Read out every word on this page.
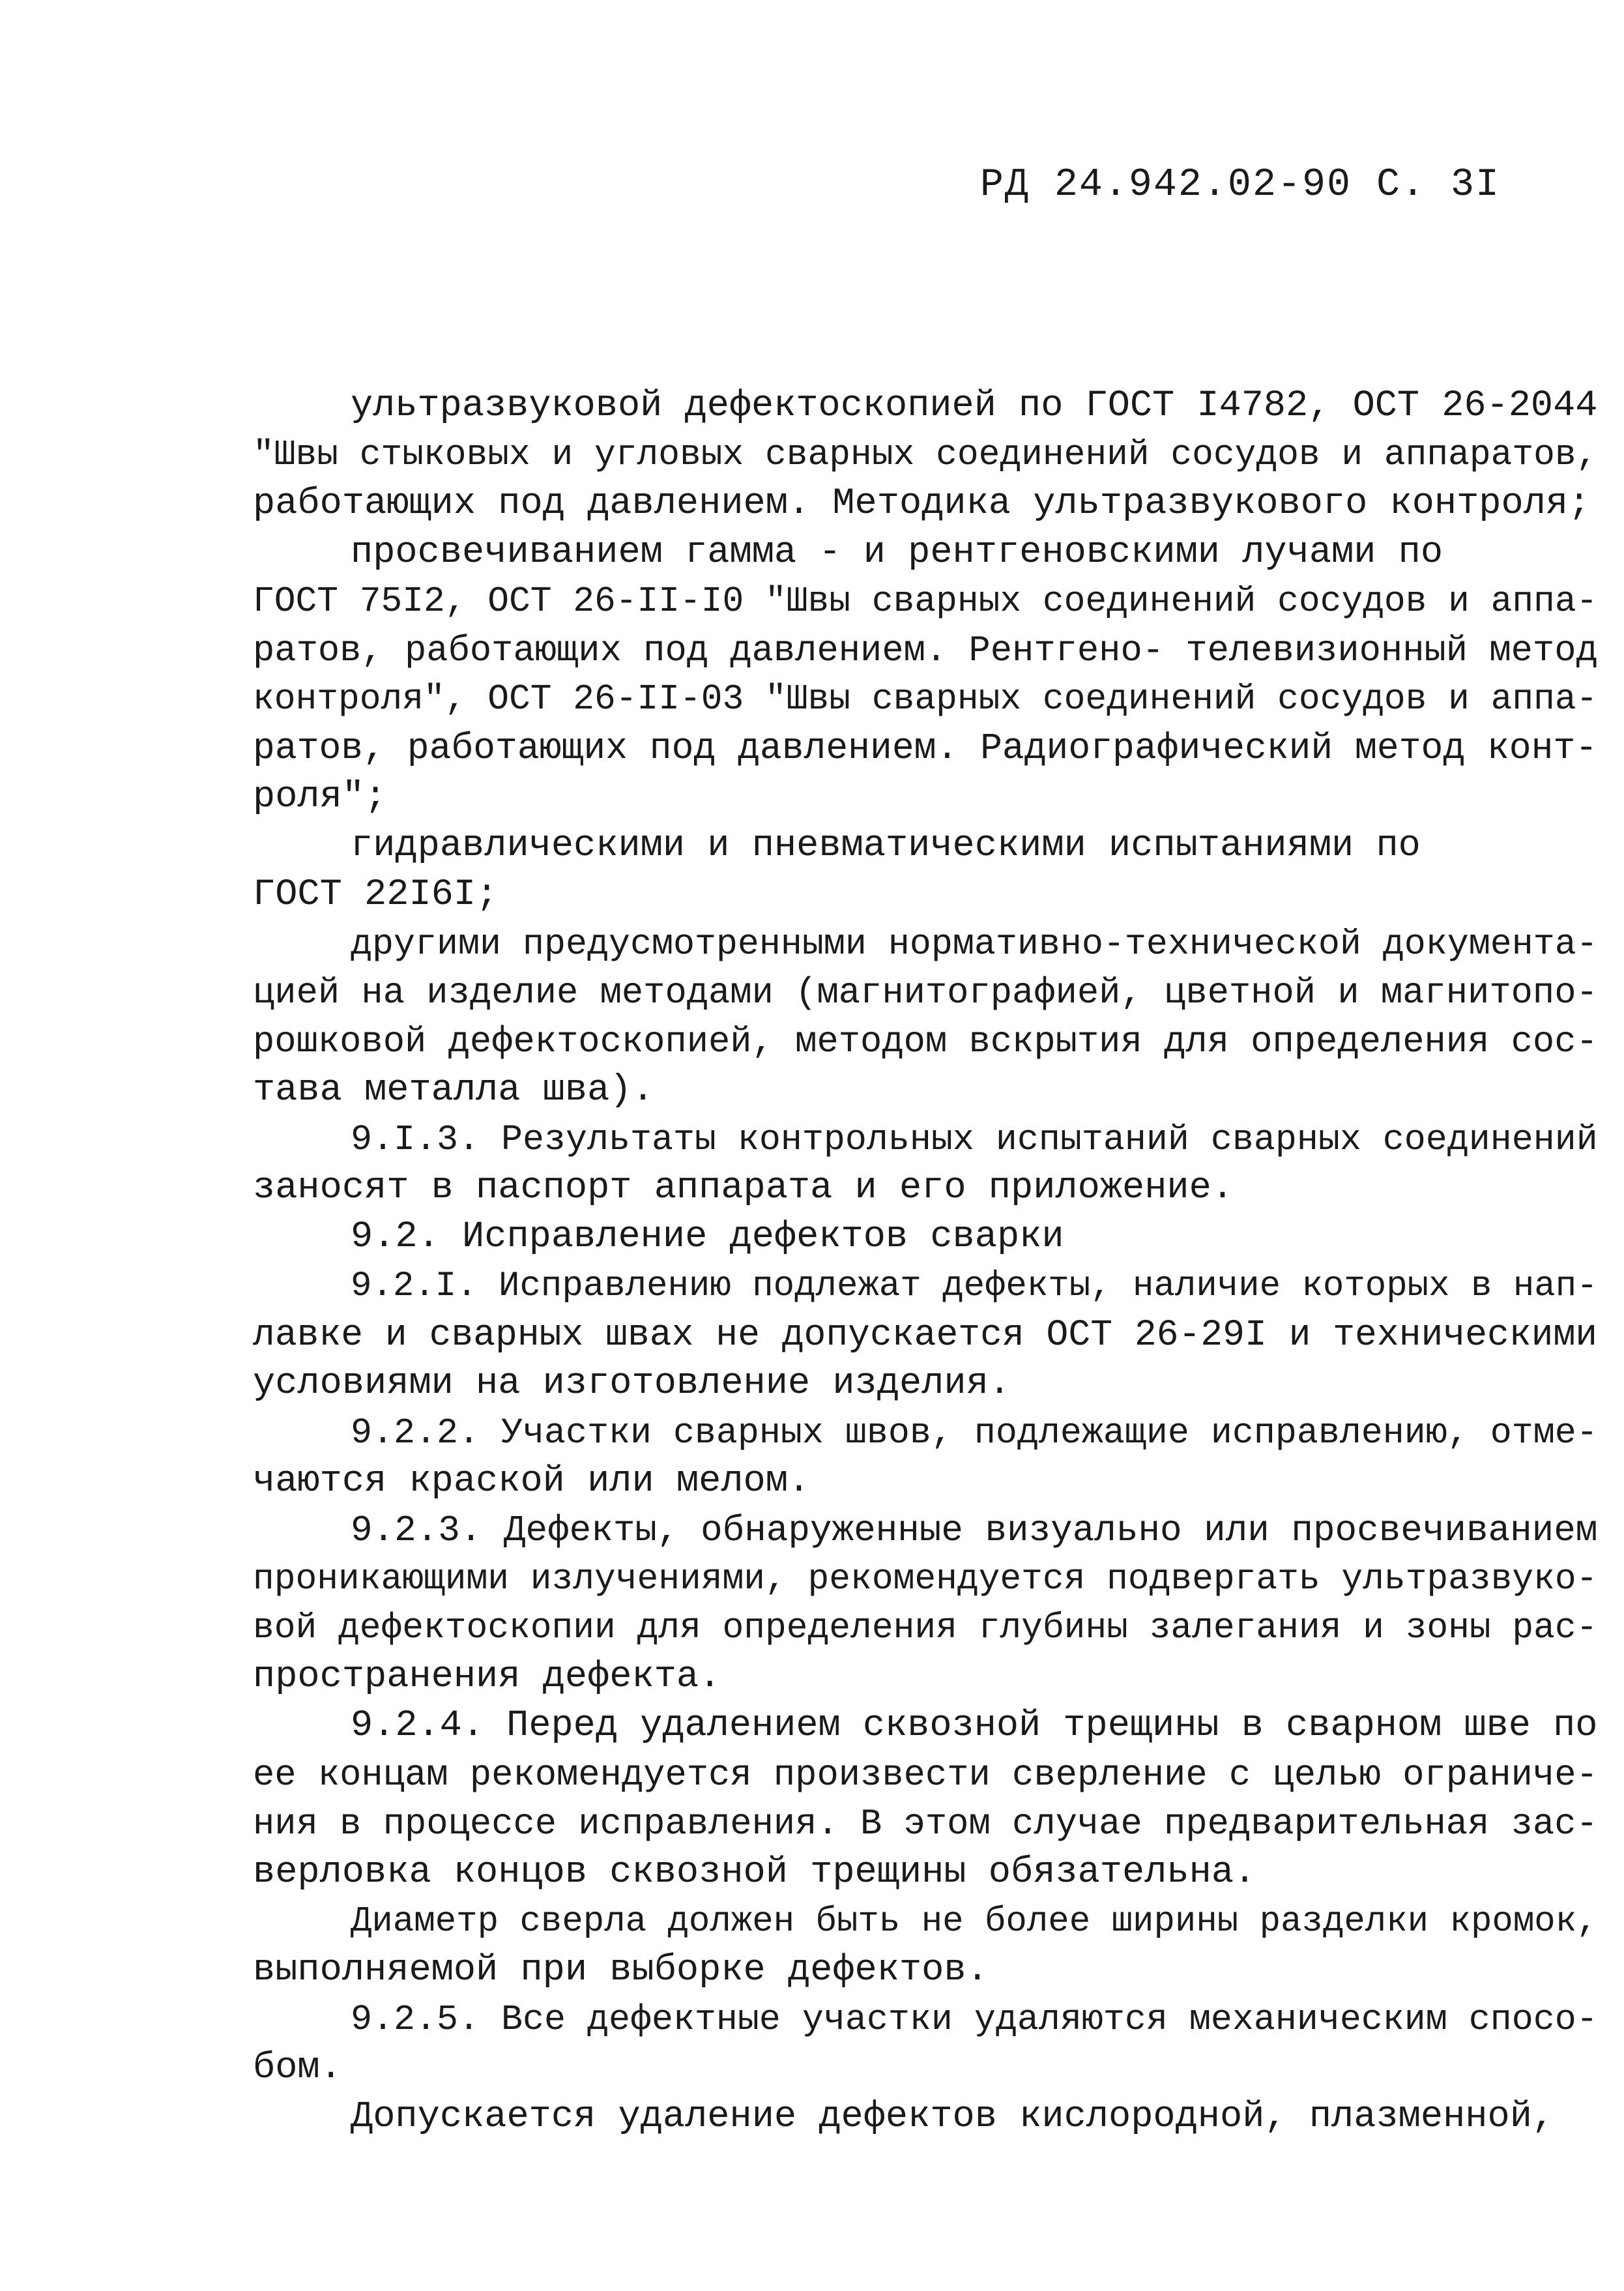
РД 24.942.02-90 С. 3I
ультразвуковой дефектоскопией по ГОСТ I4782, ОСТ 26-2044
"Швы стыковых и угловых сварных соединений сосудов и аппаратов,
работающих под давлением. Методика ультразвукового контроля;
просвечиванием гамма - и рентгеновскими лучами по
ГОСТ 75I2, ОСТ 26-II-I0 "Швы сварных соединений сосудов и аппа-
ратов, работающих под давлением. Рентгено- телевизионный метод
контроля", ОСТ 26-II-03 "Швы сварных соединений сосудов и аппа-
ратов, работающих под давлением. Радиографический метод конт-
роля";
гидравлическими и пневматическими испытаниями по
ГОСТ 22I6I;
другими предусмотренными нормативно-технической документа-
цией на изделие методами (магнитографией, цветной и магнитопо-
рошковой дефектоскопией, методом вскрытия для определения сос-
тава металла шва).
9.I.3. Результаты контрольных испытаний сварных соединений
заносят в паспорт аппарата и его приложение.
9.2. Исправление дефектов сварки
9.2.I. Исправлению подлежат дефекты, наличие которых в нап-
лавке и сварных швах не допускается ОСТ 26-29I и техническими
условиями на изготовление изделия.
9.2.2. Участки сварных швов, подлежащие исправлению, отме-
чаются краской или мелом.
9.2.3. Дефекты, обнаруженные визуально или просвечиванием
проникающими излучениями, рекомендуется подвергать ультразвуко-
вой дефектоскопии для определения глубины залегания и зоны рас-
пространения дефекта.
9.2.4. Перед удалением сквозной трещины в сварном шве по
ее концам рекомендуется произвести сверление с целью ограниче-
ния в процессе исправления. В этом случае предварительная зас-
верловка концов сквозной трещины обязательна.
Диаметр сверла должен быть не более ширины разделки кромок,
выполняемой при выборке дефектов.
9.2.5. Все дефектные участки удаляются механическим спосо-
бом.
Допускается удаление дефектов кислородной, плазменной,
